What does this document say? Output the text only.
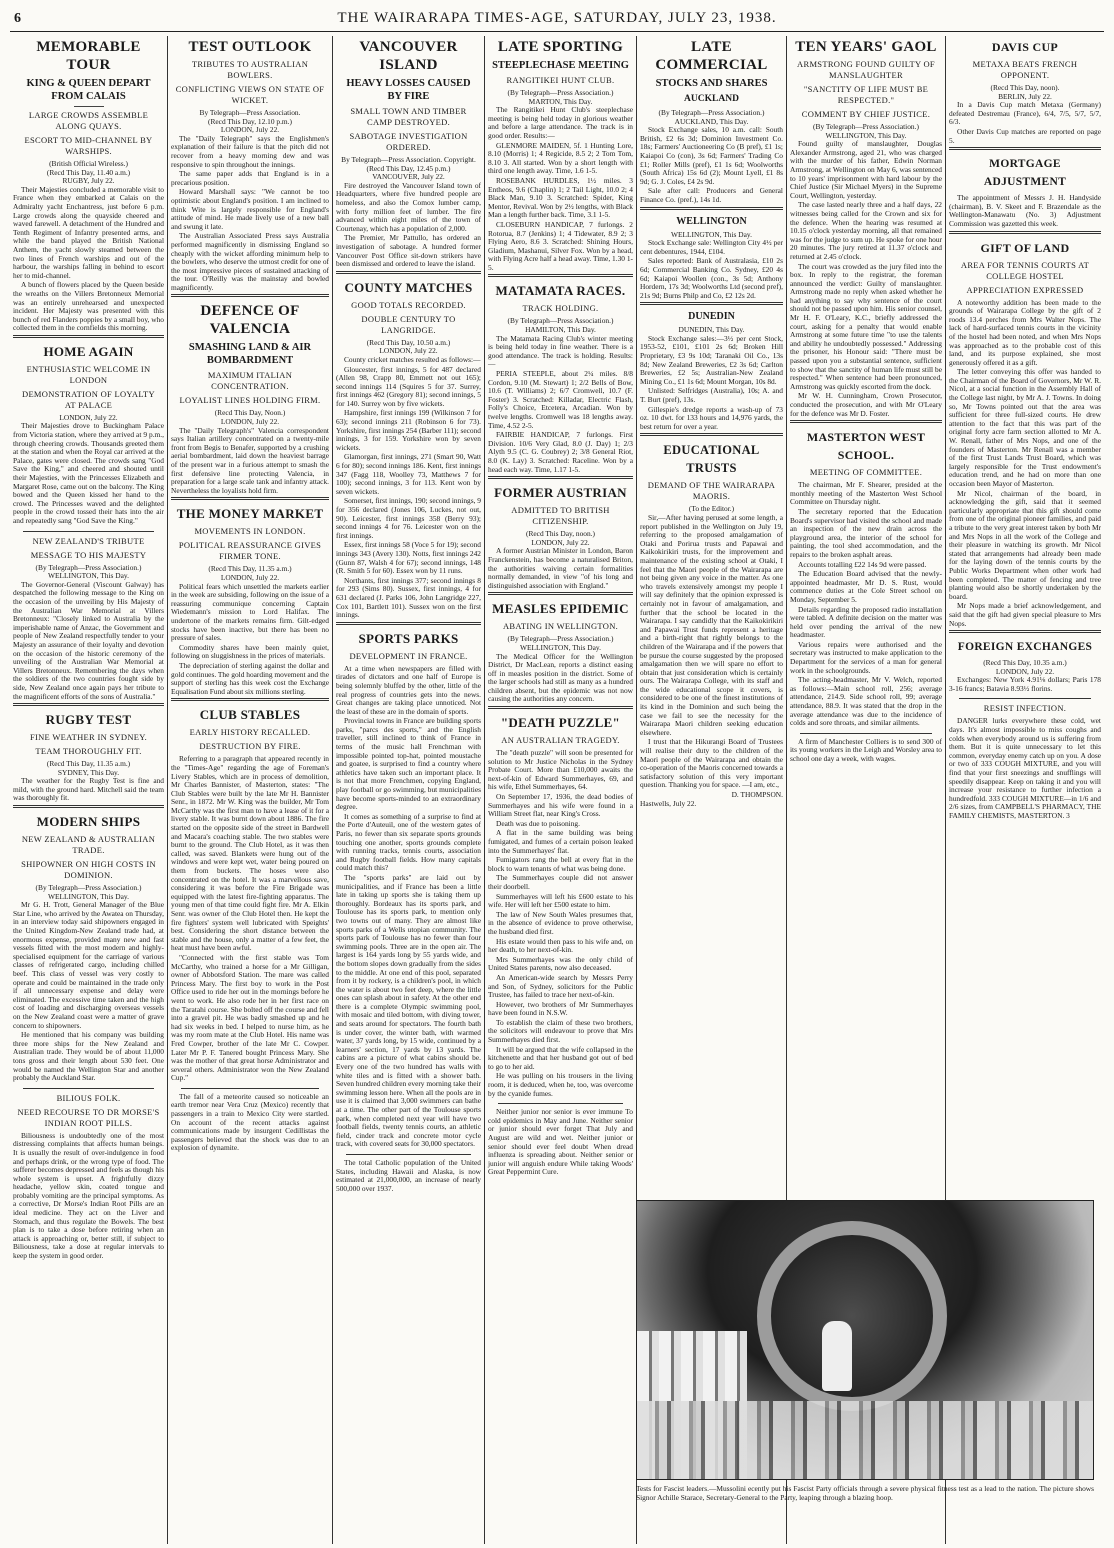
6	THE WAIRARAPA TIMES-AGE, SATURDAY, JULY 23, 1938.
MEMORABLE TOUR
KING & QUEEN DEPART FROM CALAIS
LARGE CROWDS ASSEMBLE ALONG QUAYS.
ESCORT TO MID-CHANNEL BY WARSHIPS.
(British Official Wireless.)
(Recd This Day, 11.40 a.m.)
RUGBY, July 22.

Their Majesties concluded a memorable visit to France when they embarked at Calais on the Admiralty yacht Enchantress, just before 6 p.m. Large crowds along the quayside cheered and waved farewell. A detachment of the Hundred and Tenth Regiment of Infantry presented arms, and while the band played the British National Anthem, the yacht slowly steamed between the two lines of French warships and out of the harbour, the warships falling in behind to escort her to mid-channel.

A bunch of flowers placed by the Queen beside the wreaths on the Villers Bretonneux Memorial was an entirely unrehearsed and unexpected incident. Her Majesty was presented with this bunch of red Flanders poppies by a small boy, who collected them in the cornfields this morning.

HOME AGAIN
ENTHUSIASTIC WELCOME IN LONDON
DEMONSTRATION OF LOYALTY AT PALACE
LONDON, July 22.

Their Majesties drove to Buckingham Palace from Victoria station, where they arrived at 9 p.m., through cheering crowds. Thousands greeted them at the station and when the Royal car arrived at the Palace, gates were closed. The crowds sang "God Save the King," and cheered and shouted until their Majesties, with the Princesses Elizabeth and Margaret Rose, came out on the balcony. The King bowed and the Queen kissed her hand to the crowd. The Princesses waved and the delighted people in the crowd tossed their hats into the air and repeatedly sang "God Save the King."

NEW ZEALAND'S TRIBUTE
MESSAGE TO HIS MAJESTY
(By Telegraph—Press Association.)
WELLINGTON, This Day.

The Governor-General (Viscount Galway) has despatched the following message to the King on the occasion of the unveiling by His Majesty of the Australian War Memorial at Villers Bretonneux: "Closely linked to Australia by the imperishable name of Anzac, the Government and people of New Zealand respectfully tender to your Majesty an assurance of their loyalty and devotion on the occasion of the historic ceremony of the unveiling of the Australian War Memorial at Villers Bretonneux. Remembering the days when the soldiers of the two countries fought side by side, New Zealand once again pays her tribute to the magnificent efforts of the sons of Australia."

RUGBY TEST
FINE WEATHER IN SYDNEY.
TEAM THOROUGHLY FIT.
(Recd This Day, 11.35 a.m.)
SYDNEY, This Day.

The weather for the Rugby Test is fine and mild, with the ground hard. Mitchell said the team was thoroughly fit.

MODERN SHIPS
NEW ZEALAND & AUSTRALIAN TRADE.
SHIPOWNER ON HIGH COSTS IN DOMINION.
(By Telegraph—Press Association.)
WELLINGTON, This Day.

Mr G. H. Trott, General Manager of the Blue Star Line, who arrived by the Awatea on Thursday, in an interview today said shipowners engaged in the United Kingdom-New Zealand trade had, at enormous expense, provided many new and fast vessels fitted with the most modern and highly-specialised equipment for the carriage of various classes of refrigerated cargo, including chilled beef. This class of vessel was very costly to operate and could be maintained in the trade only if all unnecessary expense and delay were eliminated. The excessive time taken and the high cost of loading and discharging overseas vessels on the New Zealand coast were a matter of grave concern to shipowners.

He mentioned that his company was building three more ships for the New Zealand and Australian trade. They would be of about 11,000 tons gross and their length about 530 feet. One would be named the Wellington Star and another probably the Auckland Star.

BILIOUS FOLK.
NEED RECOURSE TO DR MORSE'S INDIAN ROOT PILLS.

Biliousness is undoubtedly one of the most distressing complaints that affects human beings. It is usually the result of over-indulgence in food and perhaps drink, or the wrong type of food. The sufferer becomes depressed and feels as though his whole system is upset. A frightfully dizzy headache, yellow skin, coated tongue and probably vomiting are the principal symptoms. As a corrective, Dr Morse's Indian Root Pills are an ideal medicine. They act on the Liver and Stomach, and thus regulate the Bowels. The best plan is to take a dose before retiring when an attack is approaching or, better still, if subject to Biliousness, take a dose at regular intervals to keep the system in good order.

TEST OUTLOOK
TRIBUTES TO AUSTRALIAN BOWLERS.
CONFLICTING VIEWS ON STATE OF WICKET.
By Telegraph—Press Association.
(Recd This Day, 12.10 p.m.)
LONDON, July 22.

The "Daily Telegraph" says the Englishmen's explanation of their failure is that the pitch did not recover from a heavy morning dew and was responsive to spin throughout the innings.

The same paper adds that England is in a precarious position.

Howard Marshall says: "We cannot be too optimistic about England's position. I am inclined to think Wite is largely responsible for England's attitude of mind. He made lively use of a new ball and swung it late.

The Australian Associated Press says Australia performed magnificently in dismissing England so cheaply with the wicket affording minimum help to the bowlers, who deserve the utmost credit for one of the most impressive pieces of sustained attacking of the tour. O'Reilly was the mainstay and bowled magnificently.

DEFENCE OF VALENCIA
SMASHING LAND & AIR BOMBARDMENT
MAXIMUM ITALIAN CONCENTRATION.
LOYALIST LINES HOLDING FIRM.
(Recd This Day, Noon.)
LONDON, July 22.

The "Daily Telegraph's" Valencia correspondent says Italian artillery concentrated on a twenty-mile front from Begis to Benafer, supported by a crushing aerial bombardment, laid down the heaviest barrage of the present war in a furious attempt to smash the first defensive line protecting Valencia, in preparation for a large scale tank and infantry attack. Nevertheless the loyalists hold firm.

THE MONEY MARKET
MOVEMENTS IN LONDON.
POLITICAL REASSURANCE GIVES FIRMER TONE.
(Recd This Day, 11.35 a.m.)
LONDON, July 22.

Political fears which unsettled the markets earlier in the week are subsiding, following on the issue of a reassuring communique concerning Captain Wiedemann's mission to Lord Halifax. The undertone of the markets remains firm. Gilt-edged stocks have been inactive, but there has been no pressure of sales.

Commodity shares have been mainly quiet, following on sluggishness in the prices of materials.

The depreciation of sterling against the dollar and gold continues. The gold hoarding movement and the support of sterling has this week cost the Exchange Equalisation Fund about six millions sterling.

CLUB STABLES
EARLY HISTORY RECALLED.
DESTRUCTION BY FIRE.

Referring to a paragraph that appeared recently in the "Times-Age" regarding the age of Foreman's Livery Stables, which are in process of demolition, Mr Charles Bannister, of Masterton, states: "The Club Stables were built by the late Mr H. Bannister Senr., in 1872. Mr W. King was the builder, Mr Tom McCarthy was the first man to have a lease of it for a livery stable. It was burnt down about 1886. The fire started on the opposite side of the street in Bardwell and Macara's coaching stable. The two stables were burnt to the ground. The Club Hotel, as it was then called, was saved. Blankets were hung out of the windows and were kept wet, water being poured on them from buckets. The hoses were also concentrated on the hotel. It was a marvellous save, considering it was before the Fire Brigade was equipped with the latest fire-fighting apparatus. The young men of that time could fight fire. Mr A. Elkin Senr. was owner of the Club Hotel then. He kept the fire fighters' system well lubricated with Speights' best. Considering the short distance between the stable and the house, only a matter of a few feet, the heat must have been awful.

"Connected with the first stable was Tom McCarthy, who trained a horse for a Mr Gilligan, owner of Abbotsford Station. The mare was called Princess Mary. The first boy to work in the Post Office used to ride her out in the mornings before he went to work. He also rode her in her first race on the Taratahi course. She bolted off the course and fell into a gravel pit. He was badly smashed up and he had six weeks in bed. I helped to nurse him, as he was my room mate at the Club Hotel. His name was Fred Cowper, brother of the late Mr C. Cowper. Later Mr P. F. Tanered bought Princess Mary. She was the mother of that great horse Administrator and several others. Administrator won the New Zealand Cup."

The fall of a meteorite caused so noticeable an earth tremor near Vera Cruz (Mexico) recently that passengers in a train to Mexico City were startled. On account of the recent attacks against communications made by insurgent Cedillistas the passengers believed that the shock was due to an explosion of dynamite.

VANCOUVER ISLAND
HEAVY LOSSES CAUSED BY FIRE
SMALL TOWN AND TIMBER CAMP DESTROYED.
SABOTAGE INVESTIGATION ORDERED.
By Telegraph—Press Association. Copyright.
(Recd This Day, 12.45 p.m.)
VANCOUVER, July 22.

Fire destroyed the Vancouver Island town of Headquarters, where five hundred people are homeless, and also the Comox lumber camp, with forty million feet of lumber. The fire advanced within eight miles of the town of Courtenay, which has a population of 2,000.

The Premier, Mr Pattullo, has ordered an investigation of sabotage. A hundred former Vancouver Post Office sit-down strikers have been dismissed and ordered to leave the island.

COUNTY MATCHES
GOOD TOTALS RECORDED.
DOUBLE CENTURY TO LANGRIDGE.
(Recd This Day, 10.50 a.m.)
LONDON, July 22.

County cricket matches resulted as follows:—

Gloucester, first innings, 5 for 487 declared (Allen 98, Crapp 80, Emmett not out 165); second innings 114 (Squires 5 for 37. Surrey, first innings 462 (Gregory 81); second innings, 5 for 140. Surrey won by five wickets.

Hampshire, first innings 199 (Wilkinson 7 for 63); second innings 211 (Robinson 6 for 73). Yorkshire, first innings 254 (Barber 111); second innings, 3 for 159. Yorkshire won by seven wickets.

Glamorgan, first innings, 271 (Smart 90, Watt 6 for 80); second innings 186. Kent, first innings 347 (Fagg 118, Woolley 73, Matthews 7 for 100); second innings, 3 for 113. Kent won by seven wickets.

Somerset, first innings, 190; second innings, 9 for 356 declared (Jones 106, Luckes, not out, 90). Leicester, first innings 358 (Berry 93); second innings 4 for 76. Leicester won on the first innings.

Essex, first innings 58 (Voce 5 for 19); second innings 343 (Avery 130). Notts, first innings 242 (Gunn 87, Walsh 4 for 67); second innings, 148 (R. Smith 5 for 60). Essex won by 11 runs.

Northants, first innings 377; second innings 8 for 293 (Sims 80). Sussex, first innings, 4 for 631 declared (J. Parks 106, John Langridge 227, Cox 101, Bartlett 101). Sussex won on the first innings.

SPORTS PARKS
DEVELOPMENT IN FRANCE.

At a time when newspapers are filled with tirades of dictators and one half of Europe is being solemnly bluffed by the other, little of the real progress of countries gets into the news. Great changes are taking place unnoticed. Not the least of these are in the domain of sports.

Provincial towns in France are building sports parks, "parcs des sports," and the English traveller, still inclined to think of France in terms of the music hall Frenchman with impossible pointed top-hat, pointed moustache and goatee, is surprised to find a country where athletics have taken such an important place. It is not that more Frenchmen, copying England, play football or go swimming, but municipalities have become sports-minded to an extraordinary degree.

It comes as something of a surprise to find at the Porte d'Auteuil, one of the western gates of Paris, no fewer than six separate sports grounds touching one another, sports grounds complete with running tracks, tennis courts, association and Rugby football fields. How many capitals could match this?

The "sports parks" are laid out by municipalities, and if France has been a little late in taking up sports she is taking them up thoroughly. Bordeaux has its sports park, and Toulouse has its sports park, to mention only two towns out of many. They are almost like sports parks of a Wells utopian community. The sports park of Toulouse has no fewer than four swimming pools. Three are in the open air. The largest is 164 yards long by 55 yards wide, and the bottom slopes down gradually from the sides to the middle. At one end of this pool, separated from it by rockery, is a children's pool, in which the water is about two feet deep, where the little ones can splash about in safety. At the other end there is a complete Olympic swimming pool, with mosaic and tiled bottom, with diving tower, and seats around for spectators. The fourth bath is under cover, the winter bath, with warmed water, 37 yards long, by 15 wide, continued by a learners' section, 17 yards by 13 yards. The cabins are a picture of what cabins should be. Every one of the two hundred has walls with white tiles and is fitted with a shower bath. Seven hundred children every morning take their swimming lesson here. When all the pools are in use it is claimed that 3,000 swimmers can bathe at a time. The other part of the Toulouse sports park, when completed next year will have two football fields, twenty tennis courts, an athletic field, cinder track and concrete motor cycle track, with covered seats for 30,000 spectators.

The total Catholic population of the United States, including Hawaii and Alaska, is now estimated at 21,000,000, an increase of nearly 500,000 over 1937.

LATE SPORTING
STEEPLECHASE MEETING
RANGITIKEI HUNT CLUB.
(By Telegraph—Press Association.)
MARTON, This Day.

The Rangitikei Hunt Club's steeplechase meeting is being held today in glorious weather and before a large attendance. The track is in good order. Results:—

GLENMORE MAIDEN, 5f. 1 Hunting Lore, 8.10 (Morris) 1; 4 Regicide, 8.5 2; 2 Tom Tom, 8.10 3. All started. Won by a short length with third one length away. Time, 1.6 1-5.

ROSEBANK HURDLES, 1½ miles. 3 Entheos, 9.6 (Chaplin) 1; 2 Tail Light, 10.0 2; 4 Black Man, 9.10 3. Scratched: Spider, King Mentor, Revival. Won by 2½ lengths, with Black Man a length further back. Time, 3.1 1-5.

CLOSEBURN HANDICAP, 7 furlongs. 2 Rotorua, 8.7 (Jenkins) 1; 4 Tidewater, 8.9 2; 3 Flying Aero, 8.6 3. Scratched: Shining Hours, Gladium, Mashanui, Silver Fox. Won by a head, with Flying Acre half a head away. Time, 1.30 1-5.

MATAMATA RACES.
TRACK HOLDING.
(By Telegraph—Press Association.)
HAMILTON, This Day.

The Matamata Racing Club's winter meeting is being held today in fine weather. There is a good attendance. The track is holding. Results:—

PERIA STEEPLE, about 2¼ miles. 8/8 Cordon, 9.10 (M. Stewart) 1; 2/2 Bells of Bow, 10.6 (T. Williams) 2; 6/7 Cromwell, 10.7 (F. Foster) 3. Scratched: Killadar, Electric Flash, Folly's Choice, Etcetera, Arcadian. Won by twelve lengths. Cromwell was 18 lengths away. Time, 4.52 2-5.

FAIRBIE HANDICAP, 7 furlongs. First Division. 10/6 Very Glad, 8.0 (J. Day) 1; 2/3 Alyth 9.5 (C. G. Coubrey) 2; 3/8 General Riot, 8.0 (K. Lay) 3. Scratched: Raceline. Won by a head each way. Time, 1.17 1-5.

FORMER AUSTRIAN
ADMITTED TO BRITISH CITIZENSHIP.
(Recd This Day, noon.)
LONDON, July 22.

A former Austrian Minister in London, Baron Franckenstein, has become a naturalised Briton, the authorities waiving certain formalities normally demanded, in view "of his long and distinguished association with England."

MEASLES EPIDEMIC
ABATING IN WELLINGTON.
(By Telegraph—Press Association.)
WELLINGTON, This Day.

The Medical Officer for the Wellington District, Dr MacLean, reports a distinct easing off in measles position in the district. Some of the larger schools had still as many as a hundred children absent, but the epidemic was not now causing the authorities any concern.

"DEATH PUZZLE"
AN AUSTRALIAN TRAGEDY.

The "death puzzle" will soon be presented for solution to Mr Justice Nicholas in the Sydney Probate Court. More than £10,000 awaits the next-of-kin of Edward Summerhayes, 69, and his wife, Ethel Summerhayes, 64.

On September 17, 1936, the dead bodies of Summerhayes and his wife were found in a William Street flat, near King's Cross.

Death was due to poisoning.

A flat in the same building was being fumigated, and fumes of a certain poison leaked into the Summerhayes' flat.

Fumigators rang the bell at every flat in the block to warn tenants of what was being done.

The Summerhayes couple did not answer their doorbell.

Summerhayes will left his £600 estate to his wife. Her will left her £500 estate to him.

The law of New South Wales presumes that, in the absence of evidence to prove otherwise, the husband died first.

His estate would then pass to his wife and, on her death, to her next-of-kin.

Mrs Summerhayes was the only child of United States parents, now also deceased.

An American-wide search by Messrs Perry and Son, of Sydney, solicitors for the Public Trustee, has failed to trace her next-of-kin.

However, two brothers of Mr Summerhayes have been found in N.S.W.

To establish the claim of these two brothers, the solicitors will endeavour to prove that Mrs Summerhayes died first.

It will be argued that the wife collapsed in the kitchenette and that her husband got out of bed to go to her aid.

He was pulling on his trousers in the living room, it is deduced, when he, too, was overcome by the cyanide fumes.

Neither junior nor senior is ever immune To cold epidemics in May and June. Neither senior or junior should ever forget That July and August are wild and wet. Neither junior or senior should ever feel doubt When dread influenza is spreading about. Neither senior or junior will anguish endure While taking Woods' Great Peppermint Cure.

LATE COMMERCIAL
STOCKS AND SHARES
AUCKLAND
(By Telegraph—Press Association.)
AUCKLAND, This Day.

Stock Exchange sales, 10 a.m. call: South British, £2 6s 3d; Dominion Investment Co. 18s; Farmers' Auctioneering Co (B pref), £1 1s; Kaiapoi Co (con), 3s 6d; Farmers' Trading Co £1; Roller Mills (pref), £1 1s 6d; Woolworths (South Africa) 15s 6d (2); Mount Lyell, £1 8s 9d; G. J. Coles, £4 2s 9d.

Sale after call: Producers and General Finance Co. (pref.), 14s 1d.

WELLINGTON
WELLINGTON, This Day.

Stock Exchange sale: Wellington City 4½ per cent debentures, 1944, £104.

Sales reported: Bank of Australasia, £10 2s 6d; Commercial Banking Co. Sydney, £20 4s 6d; Kaiapoi Woollen (con., 3s 5d; Anthony Hordern, 17s 3d; Woolworths Ltd (second pref), 21s 9d; Burns Philp and Co, £2 12s 2d.

DUNEDIN
DUNEDIN, This Day.

Stock Exchange sales:—3½ per cent Stock, 1953-52, £101, £101 2s 6d; Broken Hill Proprietary, £3 9s 10d; Taranaki Oil Co., 13s 8d; New Zealand Breweries, £2 3s 6d; Carlton Breweries, £2 5s; Australian-New Zealand Mining Co., £1 1s 6d; Mount Morgan, 10s 8d.

Unlisted: Selfridges (Australia), 10s; A. and T. Burt (pref), 13s.

Gillespie's dredge reports a wash-up of 73 oz. 10 dwt. for 133 hours and 14,976 yards, the best return for over a year.

EDUCATIONAL TRUSTS
DEMAND OF THE WAIRARAPA MAORIS.
(To the Editor.)

Sir,—After having perused at some length, a report published in the Wellington on July 19, referring to the proposed amalgamation of Otaki and Porirua trusts and Papawai and Kaikokirikiri trusts, for the improvement and maintenance of the existing school at Otaki, I feel that the Maori people of the Wairarapa are not being given any voice in the matter. As one who travels extensively amongst my people I will say definitely that the opinion expressed is certainly not in favour of amalgamation, and further that the school be located in the Wairarapa. I say candidly that the Kaikokirikiri and Papawai Trust funds represent a heritage and a birth-right that rightly belongs to the children of the Wairarapa and if the powers that be pursue the course suggested by the proposed amalgamation then we will spare no effort to obtain that just consideration which is certainly ours. The Wairarapa College, with its staff and the wide educational scope it covers, is considered to be one of the finest institutions of its kind in the Dominion and such being the case we fail to see the necessity for the Wairarapa Maori children seeking education elsewhere.

I trust that the Hikurangi Board of Trustees will realise their duty to the children of the Maori people of the Wairarapa and obtain the co-operation of the Maoris concerned towards a satisfactory solution of this very important question. Thanking you for space. —I am, etc.,

D. THOMPSON.
Hastwells, July 22.
TEN YEARS' GAOL
ARMSTRONG FOUND GUILTY OF MANSLAUGHTER
"SANCTITY OF LIFE MUST BE RESPECTED."
COMMENT BY CHIEF JUSTICE.
(By Telegraph—Press Association.)
WELLINGTON, This Day.

Found guilty of manslaughter, Douglas Alexander Armstrong, aged 21, who was charged with the murder of his father, Edwin Norman Armstrong, at Wellington on May 6, was sentenced to 10 years' imprisonment with hard labour by the Chief Justice (Sir Michael Myers) in the Supreme Court, Wellington, yesterday.

The case lasted nearly three and a half days, 22 witnesses being called for the Crown and six for the defence. When the hearing was resumed at 10.15 o'clock yesterday morning, all that remained was for the judge to sum up. He spoke for one hour 20 minutes. The jury retired at 11.37 o'clock and returned at 2.45 o'clock.

The court was crowded as the jury filed into the box. In reply to the registrar, the foreman announced the verdict: Guilty of manslaughter. Armstrong made no reply when asked whether he had anything to say why sentence of the court should not be passed upon him. His senior counsel, Mr H. F. O'Leary, K.C., briefly addressed the court, asking for a penalty that would enable Armstrong at some future time "to use the talents and ability he undoubtedly possessed." Addressing the prisoner, his Honour said: "There must be passed upon you a substantial sentence, sufficient to show that the sanctity of human life must still be respected." When sentence had been pronounced, Armstrong was quickly escorted from the dock.

Mr W. H. Cunningham, Crown Prosecutor, conducted the prosecution, and with Mr O'Leary for the defence was Mr D. Foster.

MASTERTON WEST SCHOOL.
MEETING OF COMMITTEE.

The chairman, Mr F. Shearer, presided at the monthly meeting of the Masterton West School Committee on Thursday night.

The secretary reported that the Education Board's supervisor had visited the school and made an inspection of the new drain across the playground area, the interior of the school for painting, the tool shed accommodation, and the repairs to the broken asphalt areas.

Accounts totalling £22 14s 9d were passed.

The Education Board advised that the newly-appointed headmaster, Mr D. S. Rust, would commence duties at the Cole Street school on Monday, September 5.

Details regarding the proposed radio installation were tabled. A definite decision on the matter was held over pending the arrival of the new headmaster.

Various repairs were authorised and the secretary was instructed to make application to the Department for the services of a man for general work in the schoolgrounds.

The acting-headmaster, Mr V. Welch, reported as follows:—Main school roll, 256; average attendance, 214.9. Side school roll, 99; average attendance, 88.9. It was stated that the drop in the average attendance was due to the incidence of colds and sore throats, and similar ailments.

A firm of Manchester Colliers is to send 300 of its young workers in the Leigh and Worsley area to school one day a week, with wages.

DAVIS CUP
METAXA BEATS FRENCH OPPONENT.
(Recd This Day, noon).
BERLIN, July 22.

In a Davis Cup match Metaxa (Germany) defeated Destremau (France), 6/4, 7/5, 5/7, 5/7, 6/3.

Other Davis Cup matches are reported on page 5.

MORTGAGE ADJUSTMENT

The appointment of Messrs J. H. Handyside (chairman), B. V. Skeet and F. Brazendale as the Wellington-Manawatu (No. 3) Adjustment Commission was gazetted this week.

GIFT OF LAND
AREA FOR TENNIS COURTS AT COLLEGE HOSTEL
APPRECIATION EXPRESSED

A noteworthy addition has been made to the grounds of Wairarapa College by the gift of 2 roods 13.4 perches from Mrs Walter Nops. The lack of hard-surfaced tennis courts in the vicinity of the hostel had been noted, and when Mrs Nops was approached as to the probable cost of this land, and its purpose explained, she most generously offered it as a gift.

The letter conveying this offer was handed to the Chairman of the Board of Governors, Mr W. R. Nicol, at a social function in the Assembly Hall of the College last night, by Mr A. J. Towns. In doing so, Mr Towns pointed out that the area was sufficient for three full-sized courts. He drew attention to the fact that this was part of the original forty acre farm section allotted to Mr A. W. Renall, father of Mrs Nops, and one of the founders of Masterton. Mr Renall was a member of the first Trust Lands Trust Board, which was largely responsible for the Trust endowment's education trend, and he had on more than one occasion been Mayor of Masterton.

Mr Nicol, chairman of the board, in acknowledging the gift, said that it seemed particularly appropriate that this gift should come from one of the original pioneer families, and paid a tribute to the very great interest taken by both Mr and Mrs Nops in all the work of the College and their pleasure in watching its growth. Mr Nicol stated that arrangements had already been made for the laying down of the tennis courts by the Public Works Department when other work had been completed. The matter of fencing and tree planting would also be shortly undertaken by the board.

Mr Nops made a brief acknowledgement, and said that the gift had given special pleasure to Mrs Nops.

FOREIGN EXCHANGES
(Recd This Day, 10.35 a.m.)
LONDON, July 22.

Exchanges: New York 4.91⅛ dollars; Paris 178 3-16 francs; Batavia 8.93½ florins.

RESIST INFECTION.

DANGER lurks everywhere these cold, wet days. It's almost impossible to miss coughs and colds when everybody around us is suffering from them. But it is quite unnecessary to let this common, everyday enemy catch up on you. A dose or two of 333 COUGH MIXTURE, and you will find that your first sneezings and snufflings will speedily disappear. Keep on taking it and you will increase your resistance to further infection a hundredfold. 333 COUGH MIXTURE—in 1/6 and 2/6 sizes, from CAMPBELL'S PHARMACY, THE FAMILY CHEMISTS, MASTERTON. 3

Tests for Fascist leaders.—Mussolini ecently put his Fascist Party officials through a severe physical fitness test as a lead to the nation. The picture shows Signor Achille Starace, Secretary-General to the Party, leaping through a blazing hoop.
